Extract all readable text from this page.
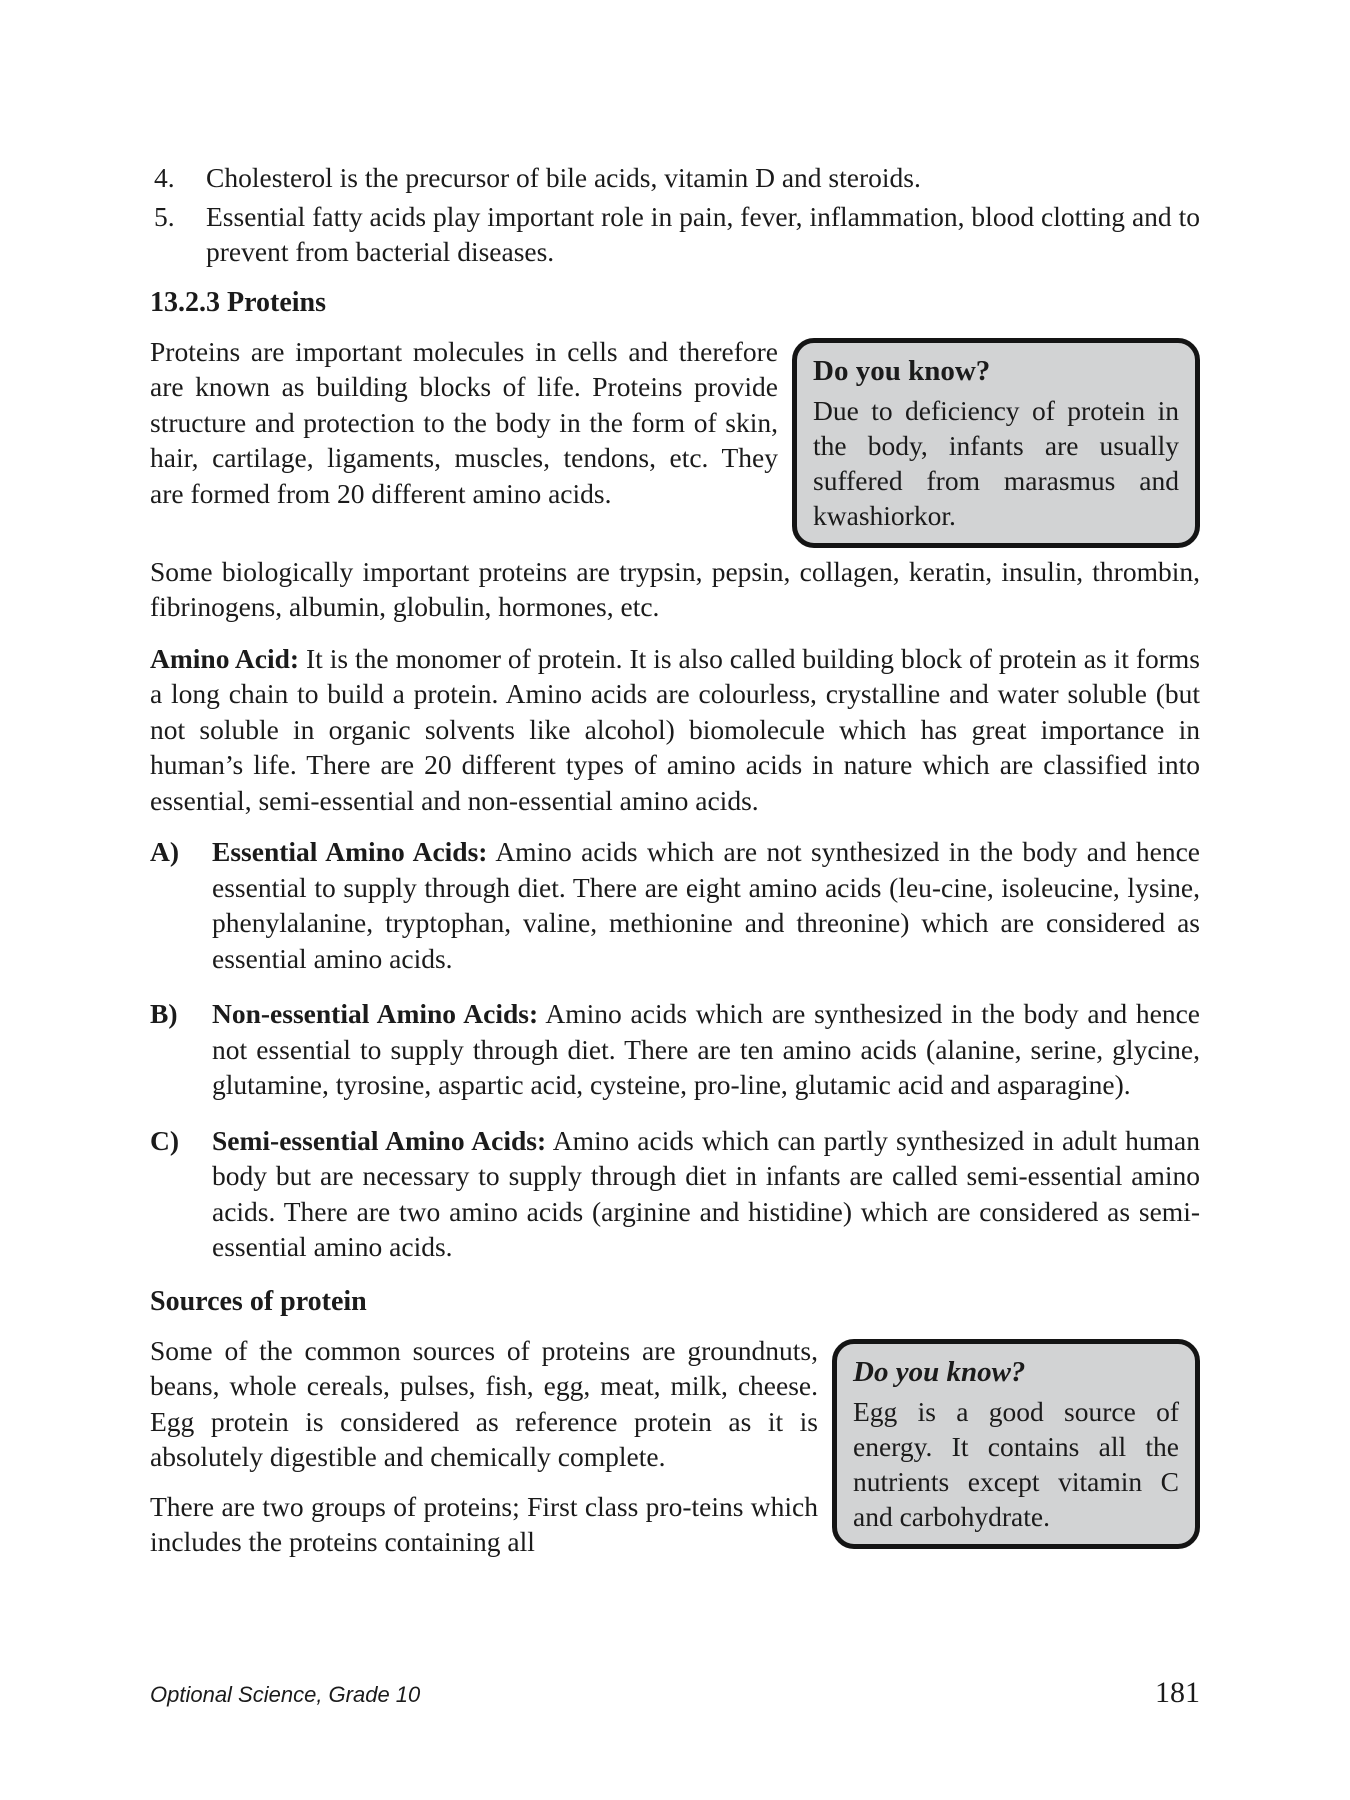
4.	Cholesterol is the precursor of bile acids, vitamin D and steroids.
5.	Essential fatty acids play important role in pain, fever, inflammation, blood clotting and to prevent from bacterial diseases.
13.2.3 Proteins
Do you know?
Due to deficiency of protein in the body, infants are usually suffered from marasmus and kwashiorkor.

Proteins are important molecules in cells and therefore are known as building blocks of life. Proteins provide structure and protection to the body in the form of skin, hair, cartilage, ligaments, muscles, tendons, etc. They are formed from 20 different amino acids.

Some biologically important proteins are trypsin, pepsin, collagen, keratin, insulin, thrombin, fibrinogens, albumin, globulin, hormones, etc.

Amino Acid: It is the monomer of protein. It is also called building block of protein as it forms a long chain to build a protein. Amino acids are colourless, crystalline and water soluble (but not soluble in organic solvents like alcohol) biomolecule which has great importance in human’s life. There are 20 different types of amino acids in nature which are classified into essential, semi-essential and non-essential amino acids.

A)	Essential Amino Acids: Amino acids which are not synthesized in the body and hence essential to supply through diet. There are eight amino acids (leu-cine, isoleucine, lysine, phenylalanine, tryptophan, valine, methionine and threonine) which are considered as essential amino acids.
B)	Non-essential Amino Acids: Amino acids which are synthesized in the body and hence not essential to supply through diet. There are ten amino acids (alanine, serine, glycine, glutamine, tyrosine, aspartic acid, cysteine, pro-line, glutamic acid and asparagine).
C)	Semi-essential Amino Acids: Amino acids which can partly synthesized in adult human body but are necessary to supply through diet in infants are called semi-essential amino acids. There are two amino acids (arginine and histidine) which are considered as semi-essential amino acids.
Sources of protein
Do you know?
Egg is a good source of energy. It contains all the nutrients except vitamin C and carbohydrate.

Some of the common sources of proteins are groundnuts, beans, whole cereals, pulses, fish, egg, meat, milk, cheese. Egg protein is considered as reference protein as it is absolutely digestible and chemically complete.

There are two groups of proteins; First class pro-teins which includes the proteins containing all

Optional Science, Grade 10	181
